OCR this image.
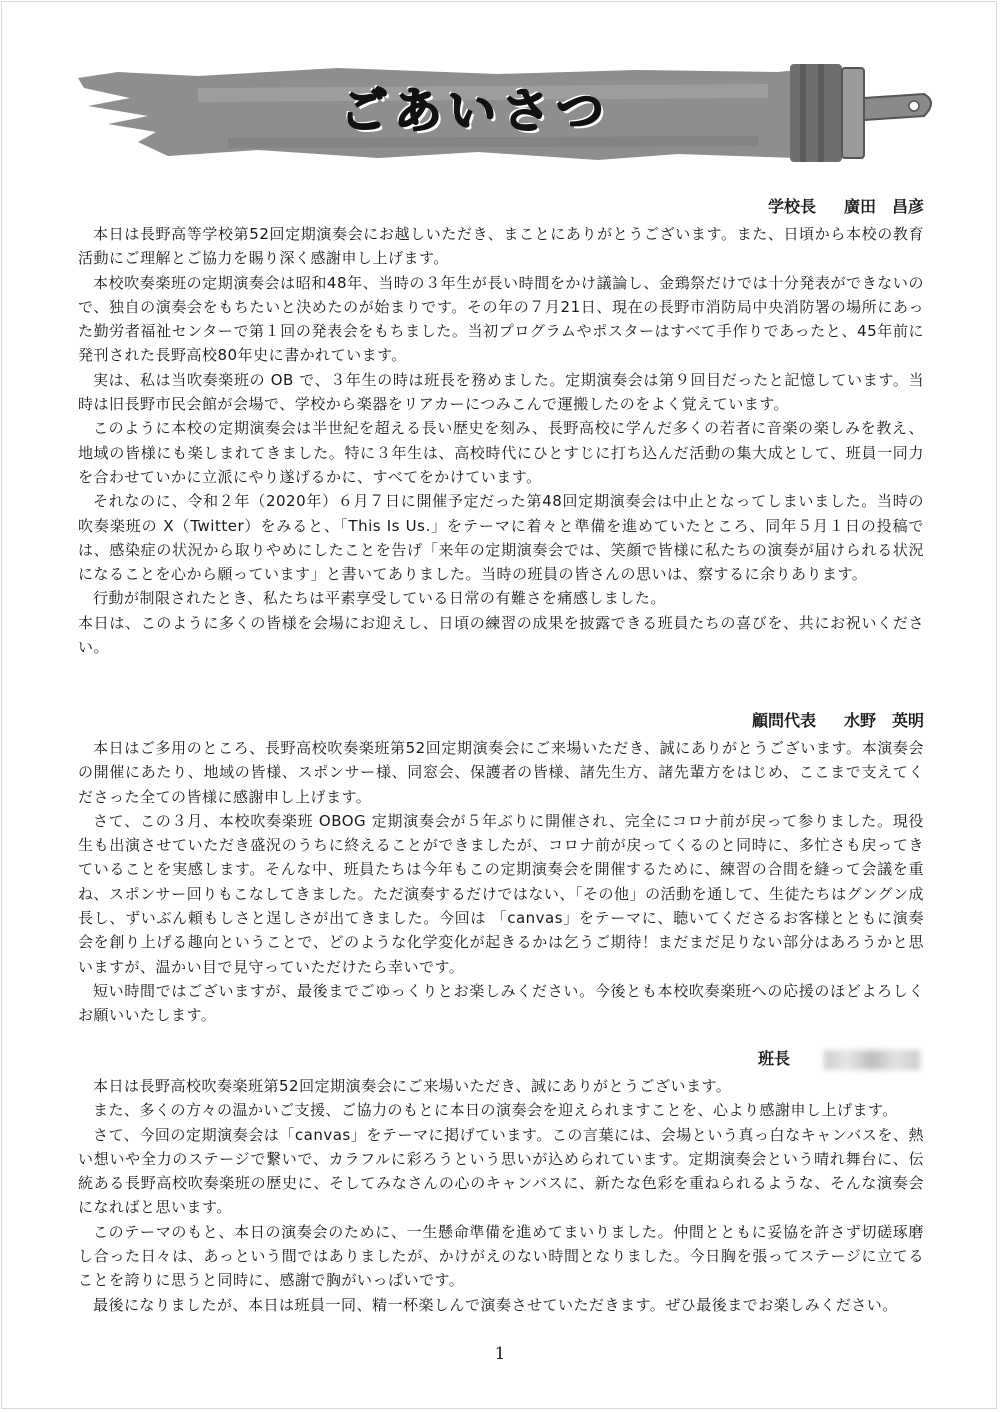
ごあいさつ
学校長 廣田　昌彦

本日は長野高等学校第52回定期演奏会にお越しいただき、まことにありがとうございます。また、日頃から本校の教育活動にご理解とご協力を賜り深く感謝申し上げます。

本校吹奏楽班の定期演奏会は昭和48年、当時の３年生が長い時間をかけ議論し、金鵄祭だけでは十分発表ができないので、独自の演奏会をもちたいと決めたのが始まりです。その年の７月21日、現在の長野市消防局中央消防署の場所にあった勤労者福祉センターで第１回の発表会をもちました。当初プログラムやポスターはすべて手作りであったと、45年前に発刊された長野高校80年史に書かれています。

実は、私は当吹奏楽班の OB で、３年生の時は班長を務めました。定期演奏会は第９回目だったと記憶しています。当時は旧長野市民会館が会場で、学校から楽器をリアカーにつみこんで運搬したのをよく覚えています。

このように本校の定期演奏会は半世紀を超える長い歴史を刻み、長野高校に学んだ多くの若者に音楽の楽しみを教え、地域の皆様にも楽しまれてきました。特に３年生は、高校時代にひとすじに打ち込んだ活動の集大成として、班員一同力を合わせていかに立派にやり遂げるかに、すべてをかけています。

それなのに、令和２年（2020年）６月７日に開催予定だった第48回定期演奏会は中止となってしまいました。当時の吹奏楽班の X（Twitter）をみると、「This Is Us.」をテーマに着々と準備を進めていたところ、同年５月１日の投稿では、感染症の状況から取りやめにしたことを告げ「来年の定期演奏会では、笑顔で皆様に私たちの演奏が届けられる状況になることを心から願っています」と書いてありました。当時の班員の皆さんの思いは、察するに余りあります。

行動が制限されたとき、私たちは平素享受している日常の有難さを痛感しました。

本日は、このように多くの皆様を会場にお迎えし、日頃の練習の成果を披露できる班員たちの喜びを、共にお祝いください。

顧問代表 水野　英明

本日はご多用のところ、長野高校吹奏楽班第52回定期演奏会にご来場いただき、誠にありがとうございます。本演奏会の開催にあたり、地域の皆様、スポンサー様、同窓会、保護者の皆様、諸先生方、諸先輩方をはじめ、ここまで支えてくださった全ての皆様に感謝申し上げます。

さて、この３月、本校吹奏楽班 OBOG 定期演奏会が５年ぶりに開催され、完全にコロナ前が戻って参りました。現役生も出演させていただき盛況のうちに終えることができましたが、コロナ前が戻ってくるのと同時に、多忙さも戻ってきていることを実感します。そんな中、班員たちは今年もこの定期演奏会を開催するために、練習の合間を縫って会議を重ね、スポンサー回りもこなしてきました。ただ演奏するだけではない、「その他」の活動を通して、生徒たちはグングン成長し、ずいぶん頼もしさと逞しさが出てきました。今回は 「canvas」をテーマに、聴いてくださるお客様とともに演奏会を創り上げる趣向ということで、どのような化学変化が起きるかは乞うご期待！まだまだ足りない部分はあろうかと思いますが、温かい目で見守っていただけたら幸いです。

短い時間ではございますが、最後までごゆっくりとお楽しみください。今後とも本校吹奏楽班への応援のほどよろしくお願いいたします。

班長

本日は長野高校吹奏楽班第52回定期演奏会にご来場いただき、誠にありがとうございます。

また、多くの方々の温かいご支援、ご協力のもとに本日の演奏会を迎えられますことを、心より感謝申し上げます。

さて、今回の定期演奏会は「canvas」をテーマに掲げています。この言葉には、会場という真っ白なキャンバスを、熱い想いや全力のステージで繋いで、カラフルに彩ろうという思いが込められています。定期演奏会という晴れ舞台に、伝統ある長野高校吹奏楽班の歴史に、そしてみなさんの心のキャンバスに、新たな色彩を重ねられるような、そんな演奏会になればと思います。

このテーマのもと、本日の演奏会のために、一生懸命準備を進めてまいりました。仲間とともに妥協を許さず切磋琢磨し合った日々は、あっという間ではありましたが、かけがえのない時間となりました。今日胸を張ってステージに立てることを誇りに思うと同時に、感謝で胸がいっぱいです。

最後になりましたが、本日は班員一同、精一杯楽しんで演奏させていただきます。ぜひ最後までお楽しみください。

1
